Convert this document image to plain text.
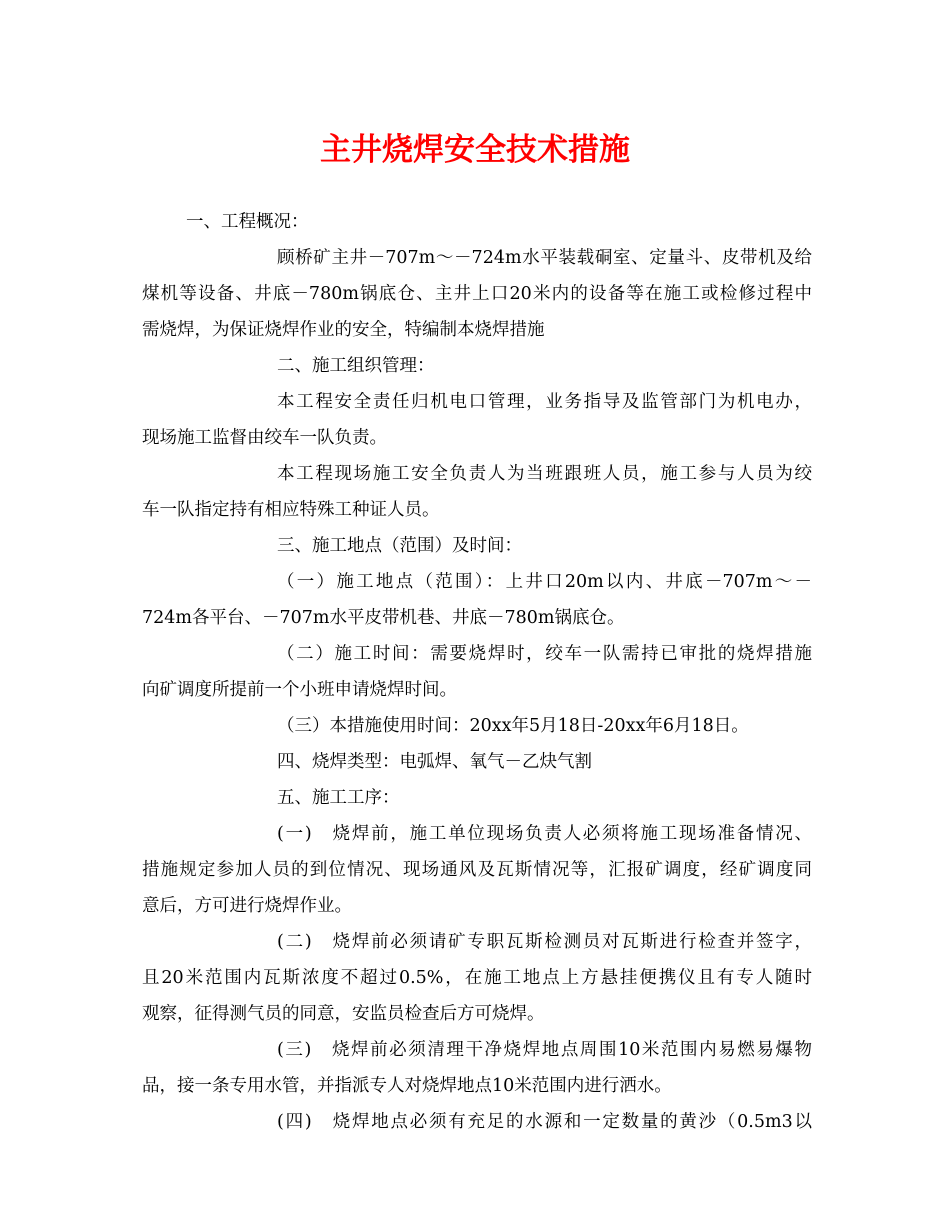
主井烧焊安全技术措施
一、工程概况：
顾桥矿主井－707m～－724m水平装载硐室、定量斗、皮带机及给
煤机等设备、井底－780m锅底仓、主井上口20米内的设备等在施工或检修过程中
需烧焊，为保证烧焊作业的安全，特编制本烧焊措施
二、施工组织管理：
本工程安全责任归机电口管理，业务指导及监管部门为机电办，
现场施工监督由绞车一队负责。
本工程现场施工安全负责人为当班跟班人员，施工参与人员为绞
车一队指定持有相应特殊工种证人员。
三、施工地点（范围）及时间：
（一）施工地点（范围）：上井口20m以内、井底－707m～－
724m各平台、－707m水平皮带机巷、井底－780m锅底仓。
（二）施工时间：需要烧焊时，绞车一队需持已审批的烧焊措施
向矿调度所提前一个小班申请烧焊时间。
（三）本措施使用时间：20xx年5月18日-20xx年6月18日。
四、烧焊类型：电弧焊、氧气－乙炔气割
五、施工工序：
(一)　烧焊前，施工单位现场负责人必须将施工现场准备情况、
措施规定参加人员的到位情况、现场通风及瓦斯情况等，汇报矿调度，经矿调度同
意后，方可进行烧焊作业。
(二)　烧焊前必须请矿专职瓦斯检测员对瓦斯进行检查并签字，
且20米范围内瓦斯浓度不超过0.5%，在施工地点上方悬挂便携仪且有专人随时
观察，征得测气员的同意，安监员检查后方可烧焊。
(三)　烧焊前必须清理干净烧焊地点周围10米范围内易燃易爆物
品，接一条专用水管，并指派专人对烧焊地点10米范围内进行洒水。
(四)　烧焊地点必须有充足的水源和一定数量的黄沙（0.5m3以
